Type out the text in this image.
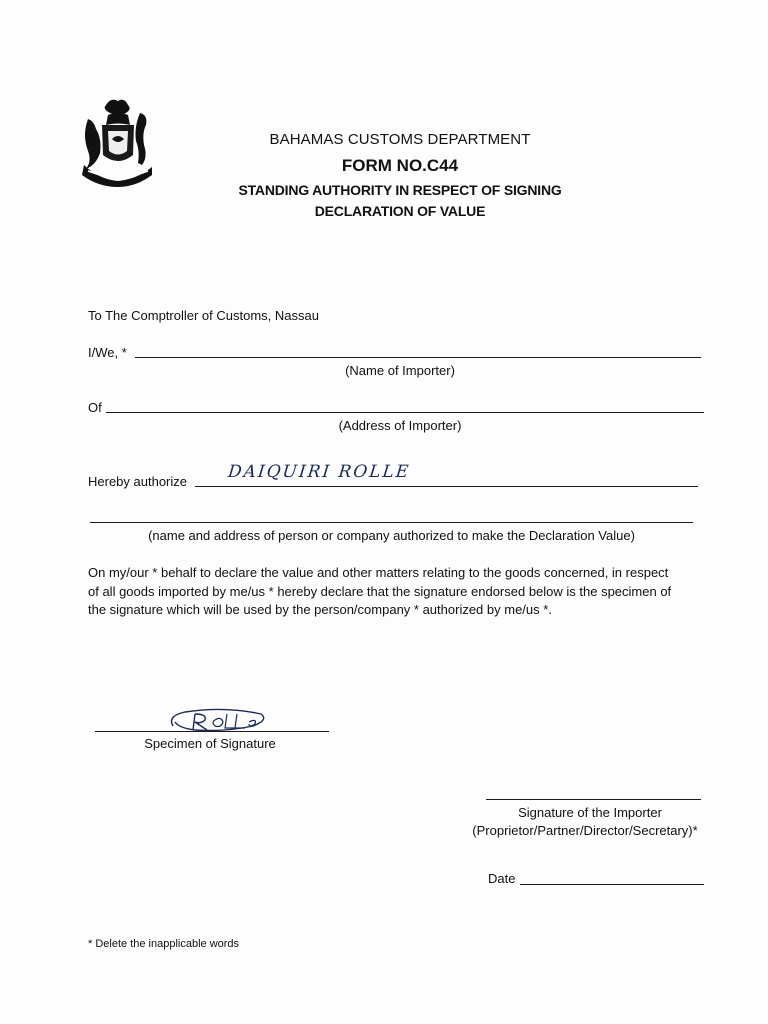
BAHAMAS CUSTOMS DEPARTMENT
FORM NO.C44
STANDING AUTHORITY IN RESPECT OF SIGNING
DECLARATION OF VALUE
To The Comptroller of Customs, Nassau
I/We, *
(Name of Importer)
Of
(Address of Importer)
Hereby authorize DAIQUIRI ROLLE
(name and address of person or company authorized to make the Declaration Value)
On my/our * behalf to declare the value and other matters relating to the goods concerned, in respect
of all goods imported by me/us * hereby declare that the signature endorsed below is the specimen of
the signature which will be used by the person/company * authorized by me/us *.
Specimen of Signature
Signature of the Importer
(Proprietor/Partner/Director/Secretary)*
Date
* Delete the inapplicable words
